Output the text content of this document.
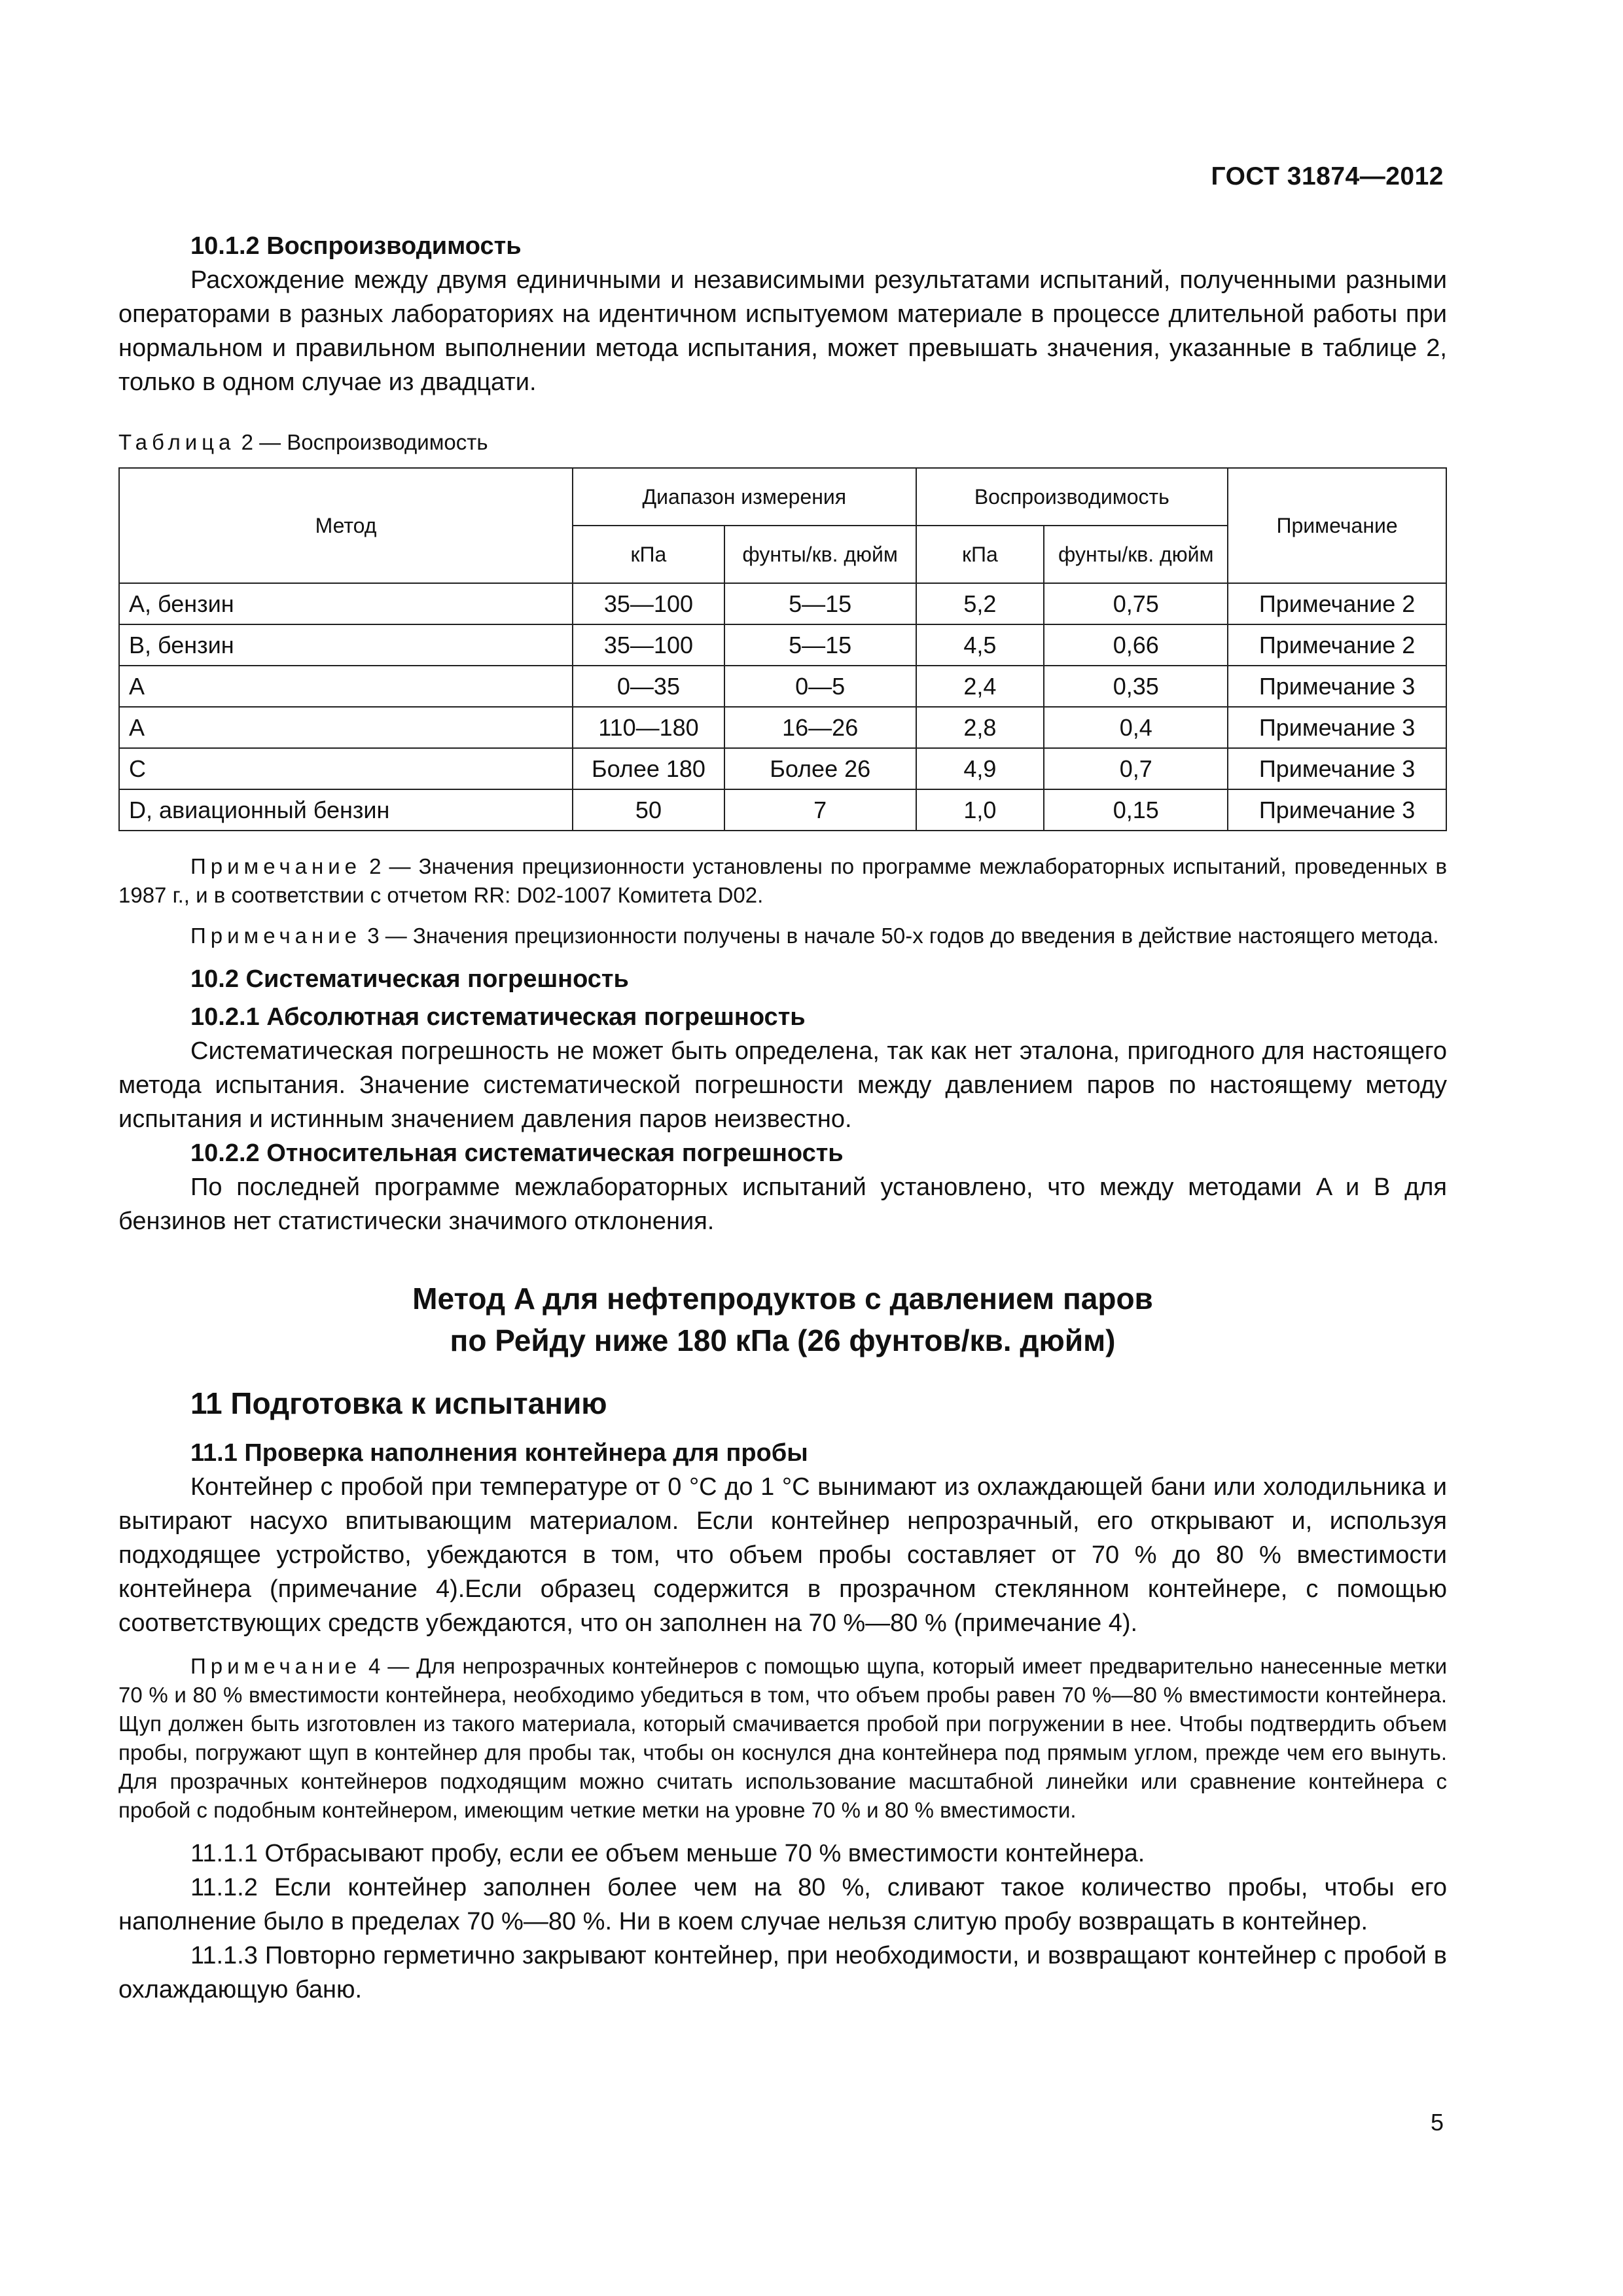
ГОСТ 31874—2012

10.1.2 Воспроизводимость

Расхождение между двумя единичными и независимыми результатами испытаний, полученными разными операторами в разных лабораториях на идентичном испытуемом материале в процессе длительной работы при нормальном и правильном выполнении метода испытания, может превышать значения, указанные в таблице 2, только в одном случае из двадцати.

Таблица 2 — Воспроизводимость
Метод	Диапазон измерения		Воспроизводимость		Примечание
	кПа	фунты/кв. дюйм	кПа	фунты/кв. дюйм	
A, бензин	35—100	5—15	5,2	0,75	Примечание 2
B, бензин	35—100	5—15	4,5	0,66	Примечание 2
A	0—35	0—5	2,4	0,35	Примечание 3
A	110—180	16—26	2,8	0,4	Примечание 3
C	Более 180	Более 26	4,9	0,7	Примечание 3
D, авиационный бензин	50	7	1,0	0,15	Примечание 3

Примечание 2 — Значения прецизионности установлены по программе межлабораторных испытаний, проведенных в 1987 г., и в соответствии с отчетом RR: D02-1007 Комитета D02.

Примечание 3 — Значения прецизионности получены в начале 50-х годов до введения в действие настоящего метода.

10.2 Систематическая погрешность

10.2.1 Абсолютная систематическая погрешность

Систематическая погрешность не может быть определена, так как нет эталона, пригодного для настоящего метода испытания. Значение систематической погрешности между давлением паров по настоящему методу испытания и истинным значением давления паров неизвестно.

10.2.2 Относительная систематическая погрешность

По последней программе межлабораторных испытаний установлено, что между методами A и B для бензинов нет статистически значимого отклонения.

Метод A для нефтепродуктов с давлением паров

по Рейду ниже 180 кПа (26 фунтов/кв. дюйм)

11 Подготовка к испытанию

11.1 Проверка наполнения контейнера для пробы

Контейнер с пробой при температуре от 0 °С до 1 °С вынимают из охлаждающей бани или холодильника и вытирают насухо впитывающим материалом. Если контейнер непрозрачный, его открывают и, используя подходящее устройство, убеждаются в том, что объем пробы составляет от 70 % до 80 % вместимости контейнера (примечание 4).Если образец содержится в прозрачном стеклянном контейнере, с помощью соответствующих средств убеждаются, что он заполнен на 70 %—80 % (примечание 4).

Примечание 4 — Для непрозрачных контейнеров с помощью щупа, который имеет предварительно нанесенные метки 70 % и 80 % вместимости контейнера, необходимо убедиться в том, что объем пробы равен 70 %—80 % вместимости контейнера. Щуп должен быть изготовлен из такого материала, который смачивается пробой при погружении в нее. Чтобы подтвердить объем пробы, погружают щуп в контейнер для пробы так, чтобы он коснулся дна контейнера под прямым углом, прежде чем его вынуть. Для прозрачных контейнеров подходящим можно считать использование масштабной линейки или сравнение контейнера с пробой с подобным контейнером, имеющим четкие метки на уровне 70 % и 80 % вместимости.

11.1.1 Отбрасывают пробу, если ее объем меньше 70 % вместимости контейнера.

11.1.2 Если контейнер заполнен более чем на 80 %, сливают такое количество пробы, чтобы его наполнение было в пределах 70 %—80 %. Ни в коем случае нельзя слитую пробу возвращать в контейнер.

11.1.3 Повторно герметично закрывают контейнер, при необходимости, и возвращают контейнер с пробой в охлаждающую баню.

5
